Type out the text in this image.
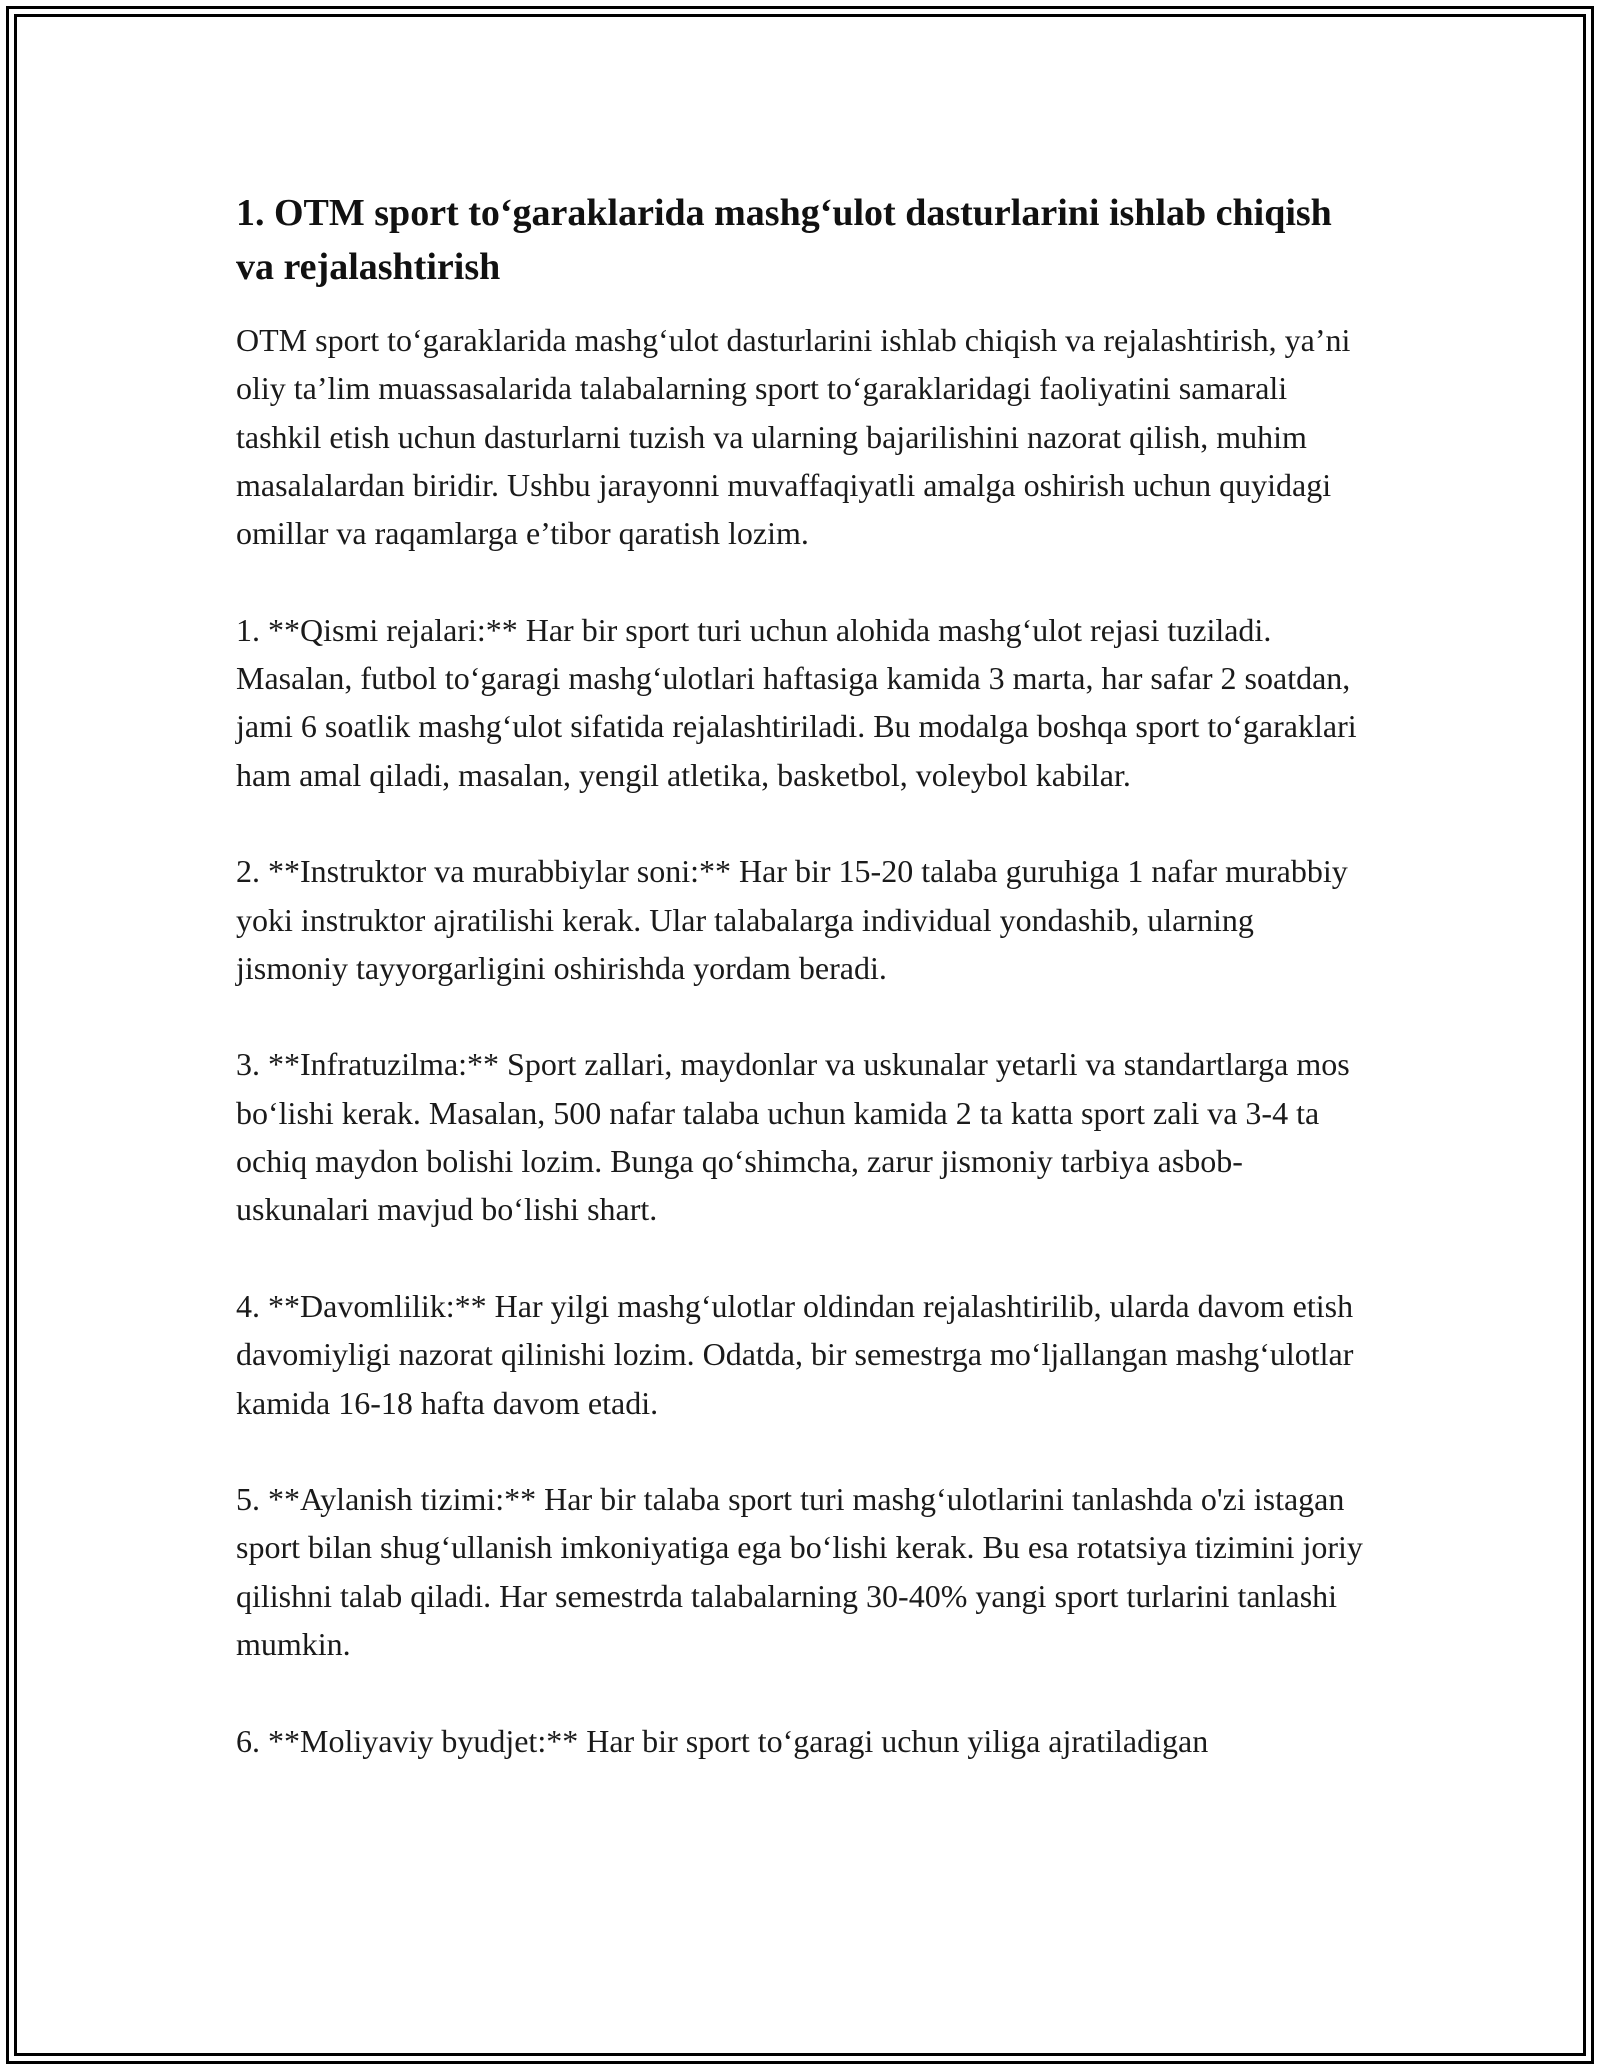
1. OTM sport to‘garaklarida mashg‘ulot dasturlarini ishlab chiqish va rejalashtirish

OTM sport to‘garaklarida mashg‘ulot dasturlarini ishlab chiqish va rejalashtirish, ya’ni oliy ta’lim muassasalarida talabalarning sport to‘garaklaridagi faoliyatini samarali tashkil etish uchun dasturlarni tuzish va ularning bajarilishini nazorat qilish, muhim masalalardan biridir. Ushbu jarayonni muvaffaqiyatli amalga oshirish uchun quyidagi omillar va raqamlarga e’tibor qaratish lozim.

1. **Qismi rejalari:** Har bir sport turi uchun alohida mashg‘ulot rejasi tuziladi. Masalan, futbol to‘garagi mashg‘ulotlari haftasiga kamida 3 marta, har safar 2 soatdan, jami 6 soatlik mashg‘ulot sifatida rejalashtiriladi. Bu modalga boshqa sport to‘garaklari ham amal qiladi, masalan, yengil atletika, basketbol, voleybol kabilar.

2. **Instruktor va murabbiylar soni:** Har bir 15-20 talaba guruhiga 1 nafar murabbiy yoki instruktor ajratilishi kerak. Ular talabalarga individual yondashib, ularning jismoniy tayyorgarligini oshirishda yordam beradi.

3. **Infratuzilma:** Sport zallari, maydonlar va uskunalar yetarli va standartlarga mos bo‘lishi kerak. Masalan, 500 nafar talaba uchun kamida 2 ta katta sport zali va 3-4 ta ochiq maydon bolishi lozim. Bunga qo‘shimcha, zarur jismoniy tarbiya asbob-uskunalari mavjud bo‘lishi shart.

4. **Davomlilik:** Har yilgi mashg‘ulotlar oldindan rejalashtirilib, ularda davom etish davomiyligi nazorat qilinishi lozim. Odatda, bir semestrga mo‘ljallangan mashg‘ulotlar kamida 16-18 hafta davom etadi.

5. **Aylanish tizimi:** Har bir talaba sport turi mashg‘ulotlarini tanlashda o'zi istagan sport bilan shug‘ullanish imkoniyatiga ega bo‘lishi kerak. Bu esa rotatsiya tizimini joriy qilishni talab qiladi. Har semestrda talabalarning 30-40% yangi sport turlarini tanlashi mumkin.

6. **Moliyaviy byudjet:** Har bir sport to‘garagi uchun yiliga ajratiladigan
